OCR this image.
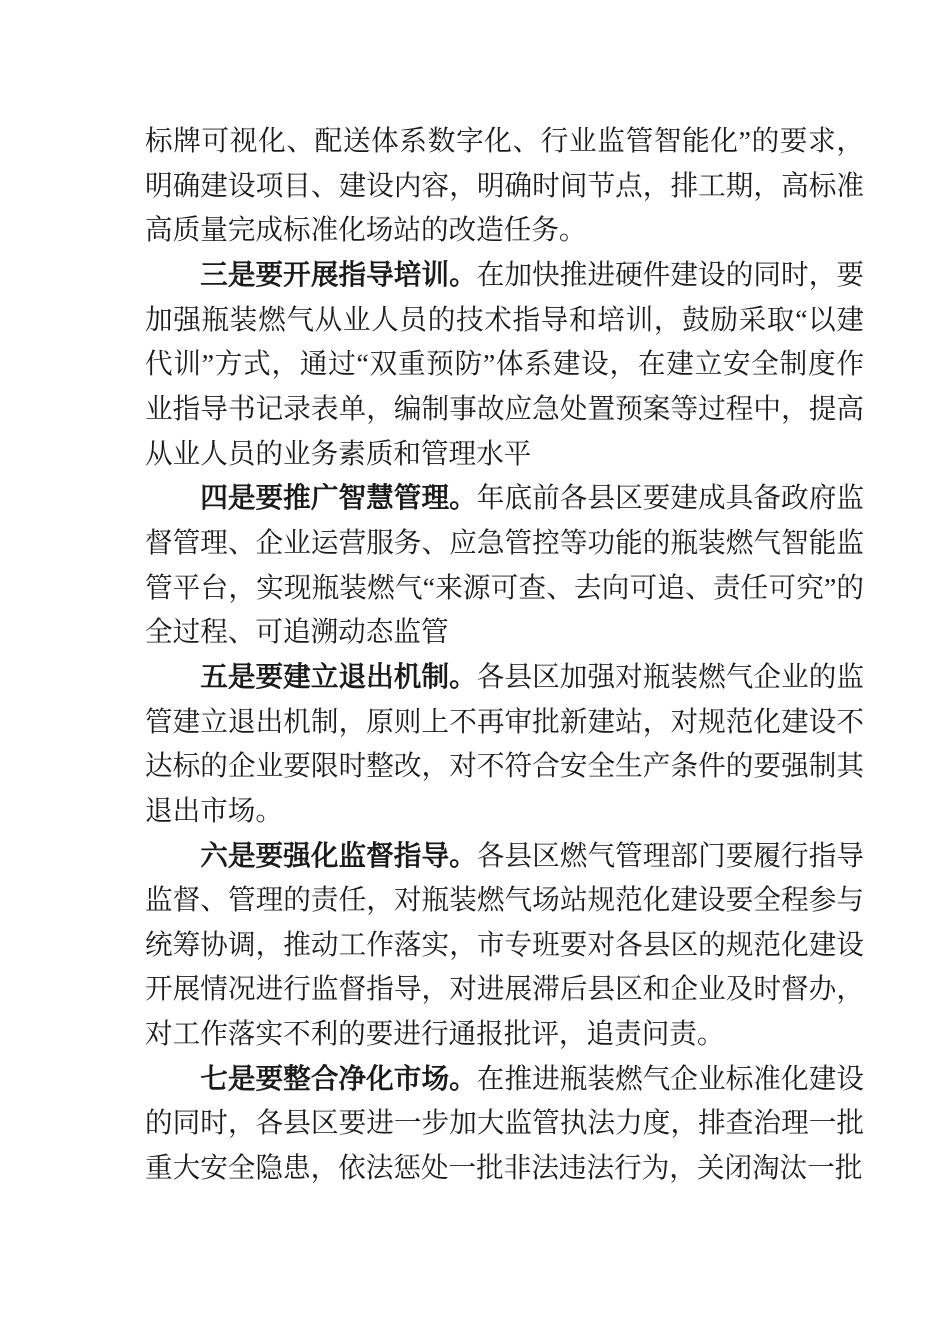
标牌可视化、配送体系数字化、行业监管智能化”的要求，明确建设项目、建设内容，明确时间节点，排工期，高标准高质量完成标准化场站的改造任务。

三是要开展指导培训。在加快推进硬件建设的同时，要加强瓶装燃气从业人员的技术指导和培训，鼓励采取“以建代训”方式，通过“双重预防”体系建设，在建立安全制度作业指导书记录表单，编制事故应急处置预案等过程中，提高从业人员的业务素质和管理水平

四是要推广智慧管理。年底前各县区要建成具备政府监督管理、企业运营服务、应急管控等功能的瓶装燃气智能监管平台，实现瓶装燃气“来源可查、去向可追、责任可究”的全过程、可追溯动态监管

五是要建立退出机制。各县区加强对瓶装燃气企业的监管建立退出机制，原则上不再审批新建站，对规范化建设不达标的企业要限时整改，对不符合安全生产条件的要强制其退出市场。

六是要强化监督指导。各县区燃气管理部门要履行指导监督、管理的责任，对瓶装燃气场站规范化建设要全程参与统筹协调，推动工作落实，市专班要对各县区的规范化建设开展情况进行监督指导，对进展滞后县区和企业及时督办，对工作落实不利的要进行通报批评，追责问责。

七是要整合净化市场。在推进瓶装燃气企业标准化建设的同时，各县区要进一步加大监管执法力度，排查治理一批重大安全隐患，依法惩处一批非法违法行为，关闭淘汰一批
